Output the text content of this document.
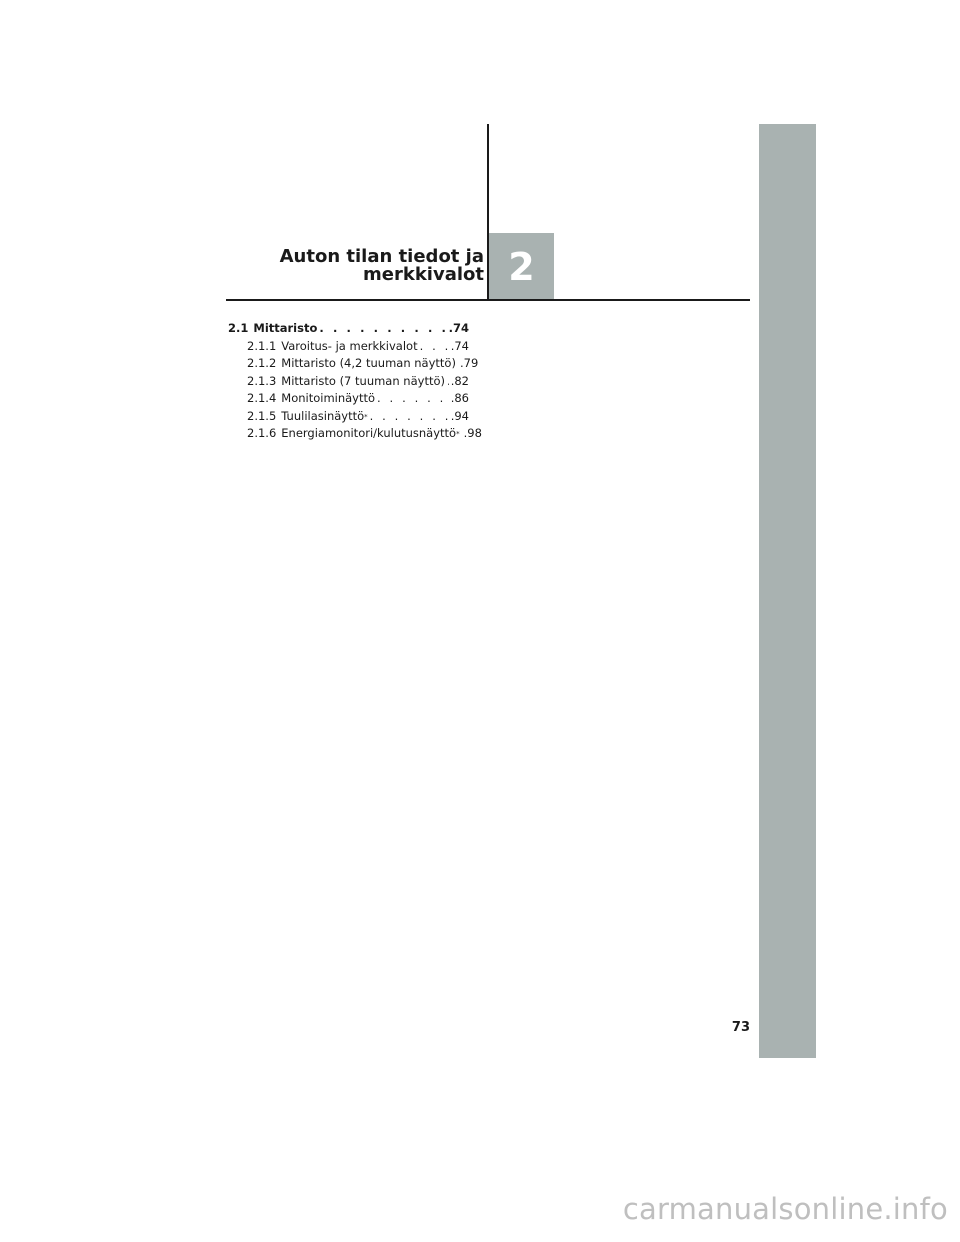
2
Auton tilan tiedot ja
merkkivalot
2.1 Mittaristo . . .	.74
2.1.1 Varoitus- ja merkkivalot . . .	.74
2.1.2 Mittaristo (4,2 tuuman näyttö) .79
2.1.3 Mittaristo (7 tuuman näyttö) . . . .82
2.1.4 Monitoiminäyttö . . .	.86
2.1.5 Tuulilasinäyttö* . . .	.94
2.1.6 Energiamonitori/kulutusnäyttö* .98
73
carmanualsonline.info
